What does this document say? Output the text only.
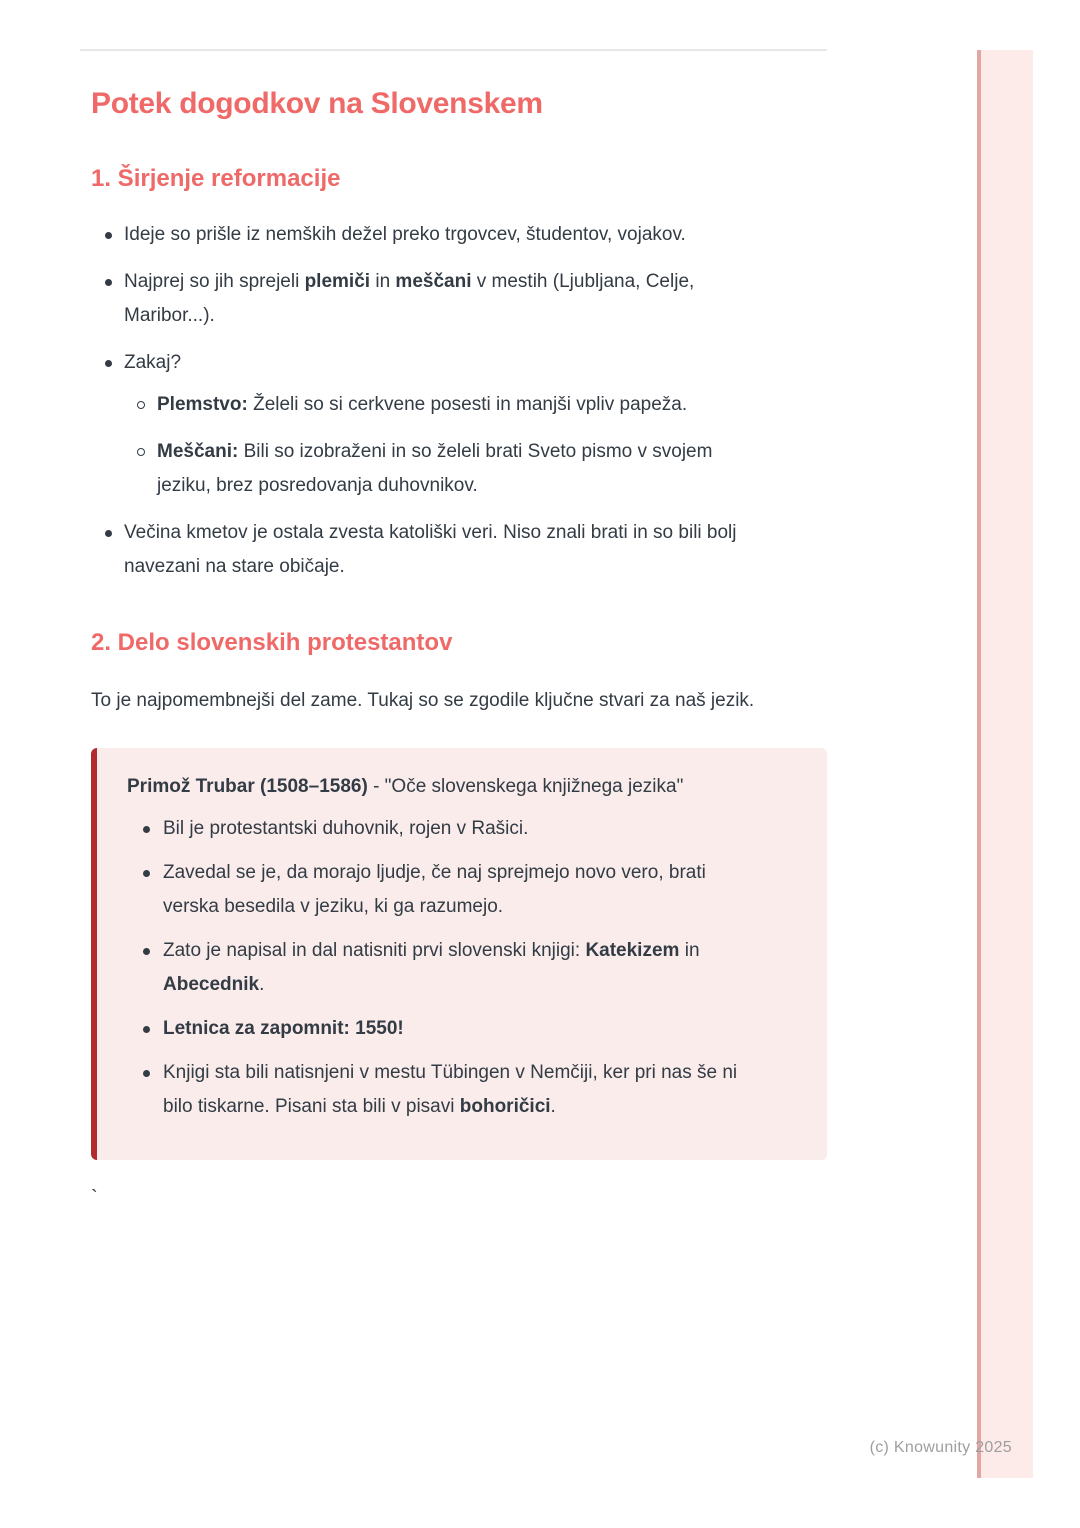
Potek dogodkov na Slovenskem
1. Širjenje reformacije
Ideje so prišle iz nemških dežel preko trgovcev, študentov, vojakov.
Najprej so jih sprejeli plemiči in meščani v mestih (Ljubljana, Celje,
Maribor...).
Zakaj?
Plemstvo: Želeli so si cerkvene posesti in manjši vpliv papeža.
Meščani: Bili so izobraženi in so želeli brati Sveto pismo v svojem
jeziku, brez posredovanja duhovnikov.
Večina kmetov je ostala zvesta katoliški veri. Niso znali brati in so bili bolj
navezani na stare običaje.
2. Delo slovenskih protestantov

To je najpomembnejši del zame. Tukaj so se zgodile ključne stvari za naš jezik.

Primož Trubar (1508–1586) - "Oče slovenskega knjižnega jezika"

Bil je protestantski duhovnik, rojen v Rašici.
Zavedal se je, da morajo ljudje, če naj sprejmejo novo vero, brati
verska besedila v jeziku, ki ga razumejo.
Zato je napisal in dal natisniti prvi slovenski knjigi: Katekizem in
Abecednik.
Letnica za zapomnit: 1550!
Knjigi sta bili natisnjeni v mestu Tübingen v Nemčiji, ker pri nas še ni
bilo tiskarne. Pisani sta bili v pisavi bohoričici.
`
(c) Knowunity 2025
